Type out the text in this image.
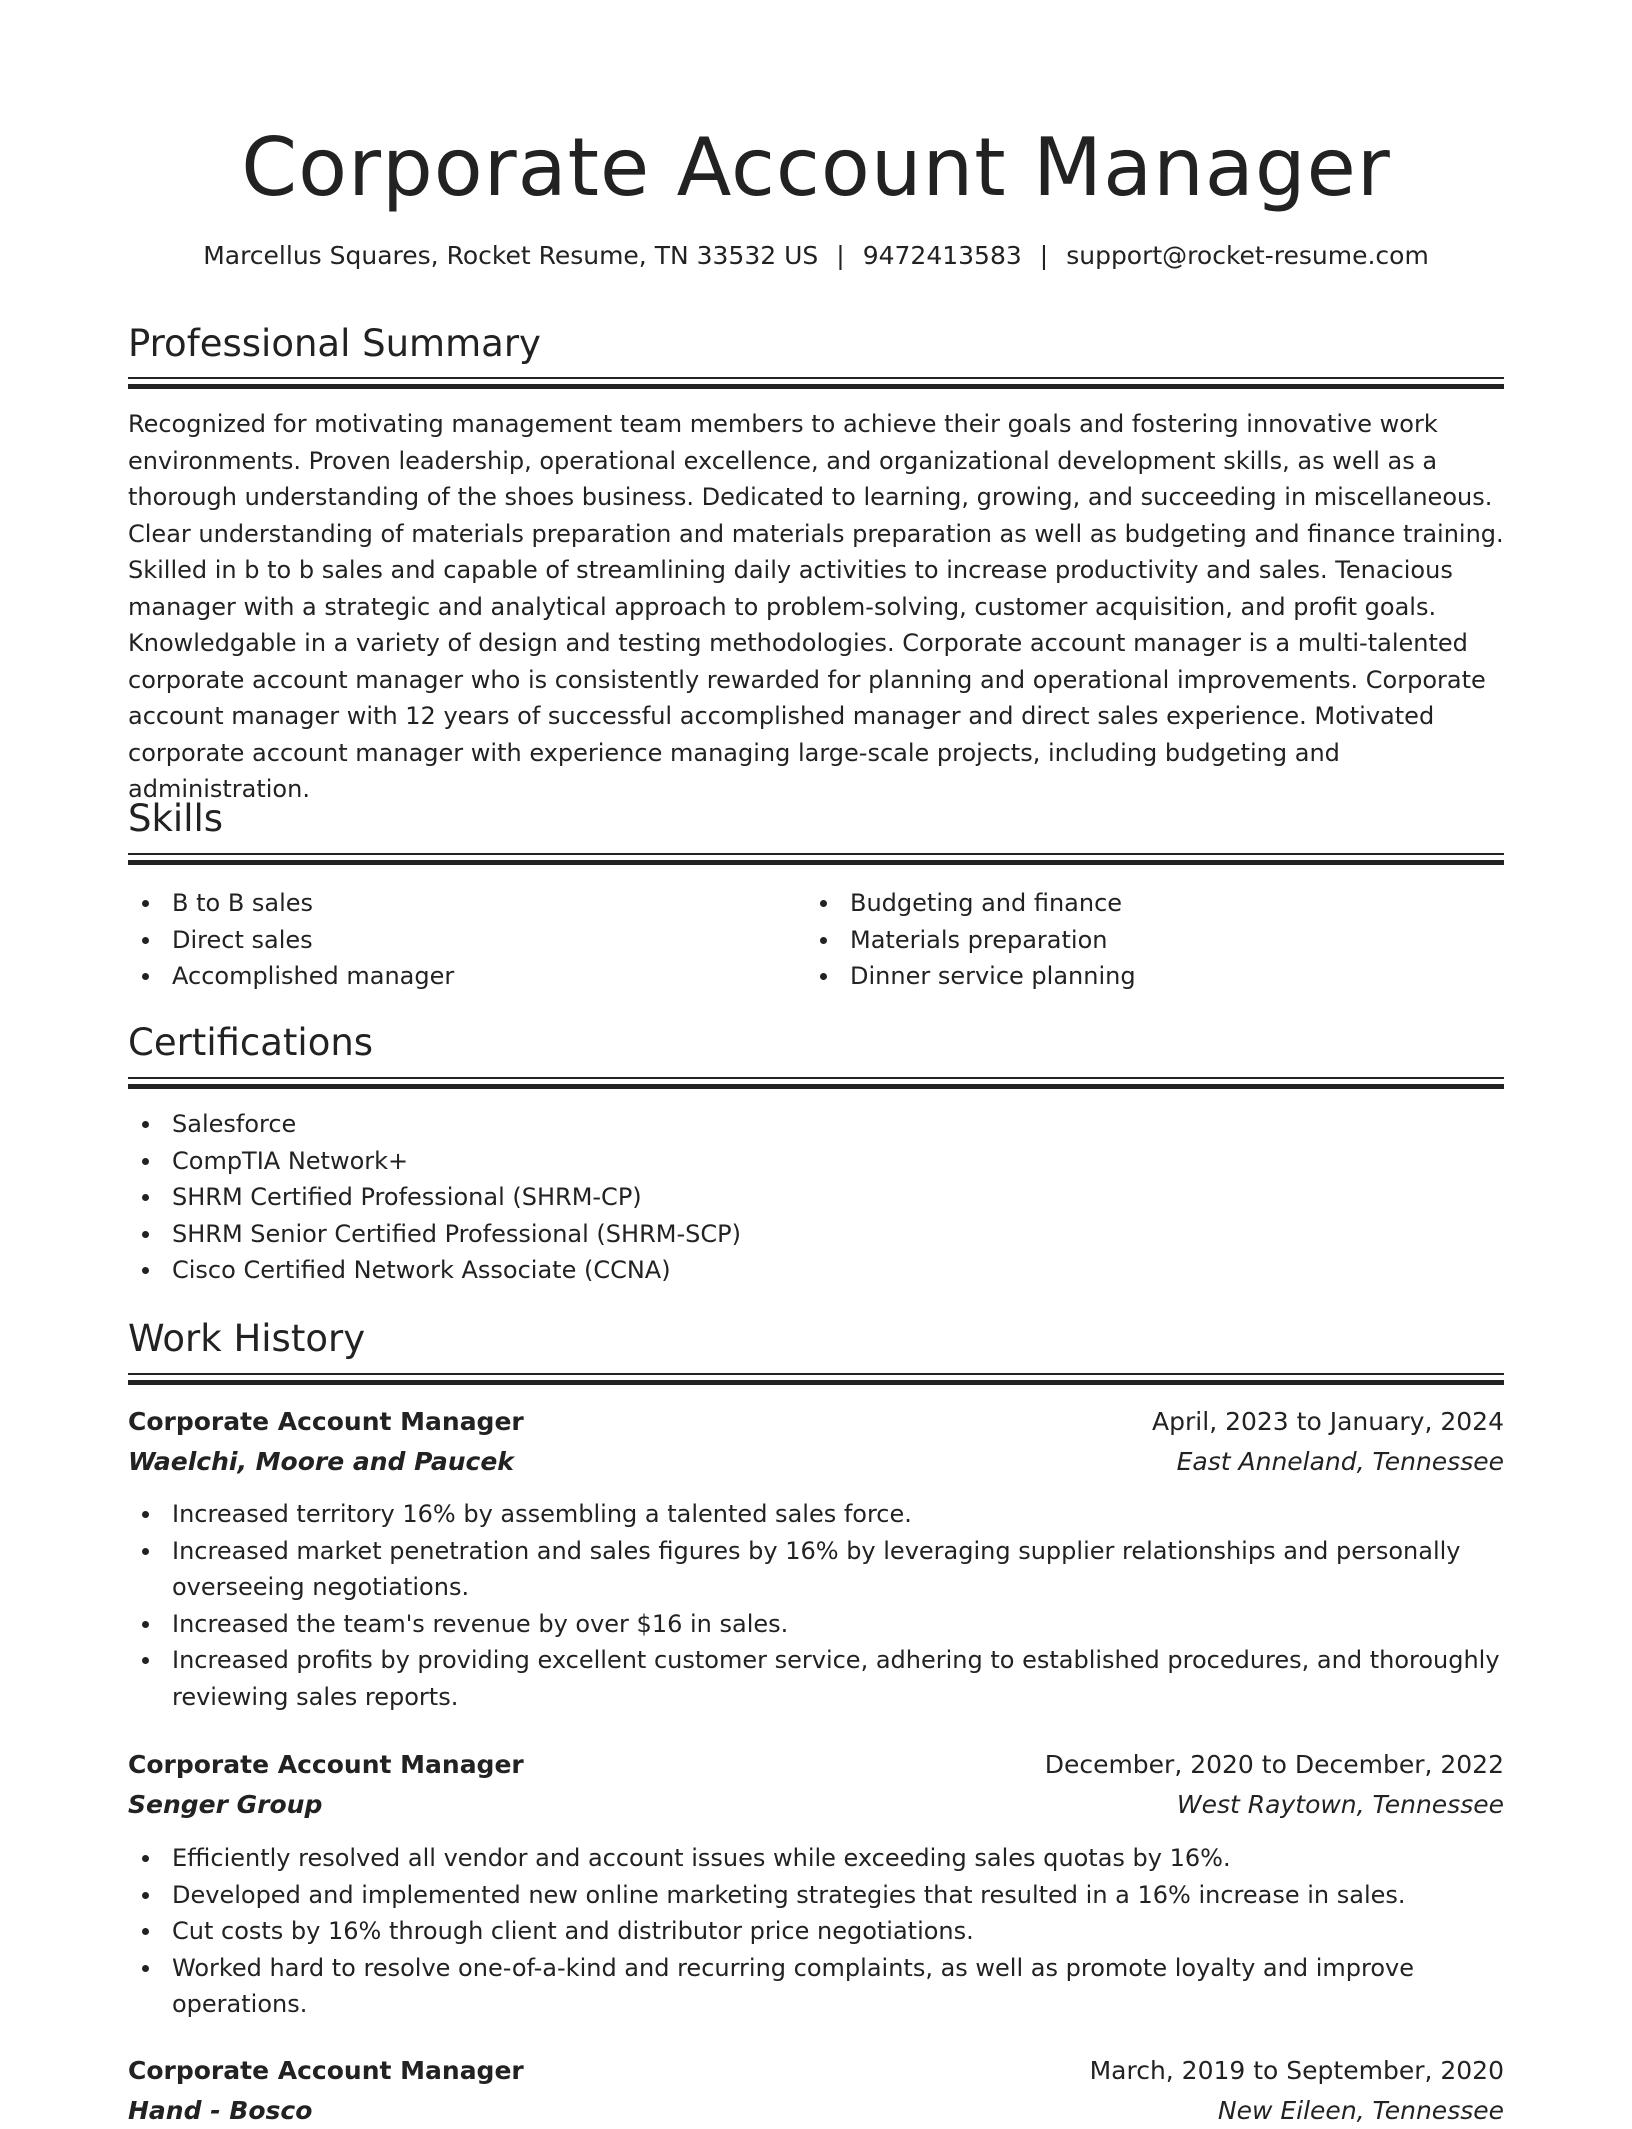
Corporate Account Manager
Marcellus Squares, Rocket Resume, TN 33532 US | 9472413583 | support@rocket-resume.com
Professional Summary

Recognized for motivating management team members to achieve their goals and fostering innovative work environments. Proven leadership, operational excellence, and organizational development skills, as well as a thorough understanding of the shoes business. Dedicated to learning, growing, and succeeding in miscellaneous. Clear understanding of materials preparation and materials preparation as well as budgeting and finance training. Skilled in b to b sales and capable of streamlining daily activities to increase productivity and sales. Tenacious manager with a strategic and analytical approach to problem-solving, customer acquisition, and profit goals. Knowledgable in a variety of design and testing methodologies. Corporate account manager is a multi-talented corporate account manager who is consistently rewarded for planning and operational improvements. Corporate account manager with 12 years of successful accomplished manager and direct sales experience. Motivated corporate account manager with experience managing large-scale projects, including budgeting and administration.

Skills
B to B sales
Direct sales
Accomplished manager
Budgeting and finance
Materials preparation
Dinner service planning
Certifications
Salesforce
CompTIA Network+
SHRM Certified Professional (SHRM-CP)
SHRM Senior Certified Professional (SHRM-SCP)
Cisco Certified Network Associate (CCNA)
Work History
Corporate Account Manager	April, 2023 to January, 2024
Waelchi, Moore and Paucek	East Anneland, Tennessee
Increased territory 16% by assembling a talented sales force.
Increased market penetration and sales figures by 16% by leveraging supplier relationships and personally overseeing negotiations.
Increased the team's revenue by over $16 in sales.
Increased profits by providing excellent customer service, adhering to established procedures, and thoroughly reviewing sales reports.
Corporate Account Manager	December, 2020 to December, 2022
Senger Group	West Raytown, Tennessee
Efficiently resolved all vendor and account issues while exceeding sales quotas by 16%.
Developed and implemented new online marketing strategies that resulted in a 16% increase in sales.
Cut costs by 16% through client and distributor price negotiations.
Worked hard to resolve one-of-a-kind and recurring complaints, as well as promote loyalty and improve operations.
Corporate Account Manager	March, 2019 to September, 2020
Hand - Bosco	New Eileen, Tennessee
